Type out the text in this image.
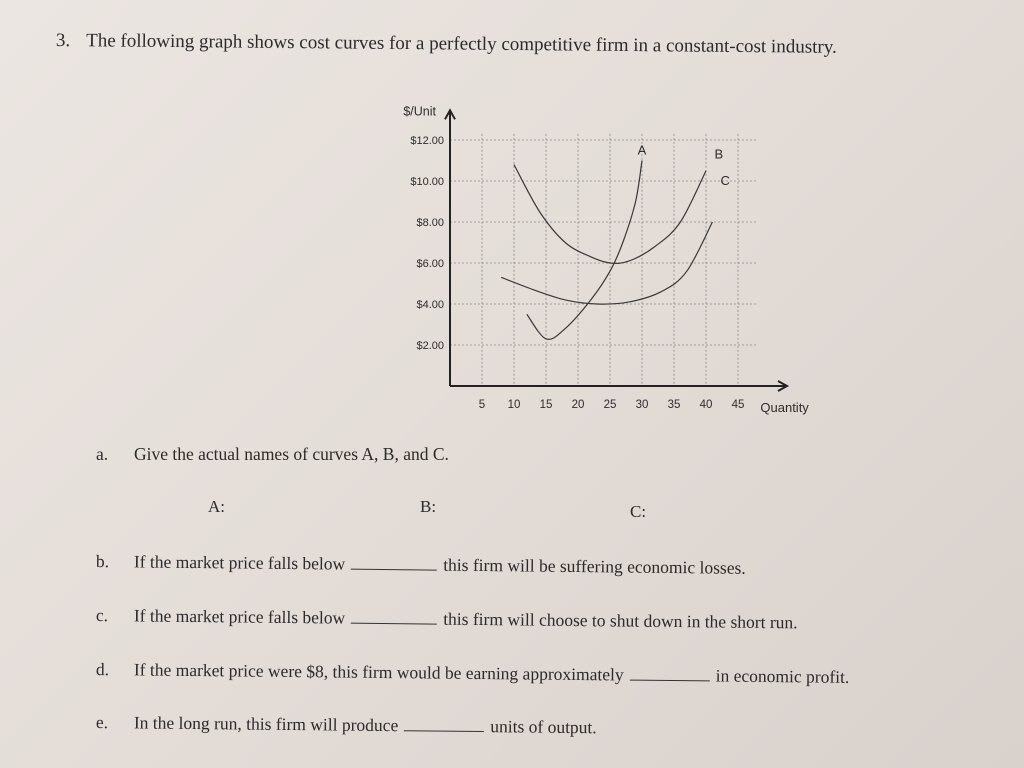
3. The following graph shows cost curves for a perfectly competitive firm in a constant-cost industry.
$2.00
$4.00
$6.00
$8.00
$10.00
$12.00
5 10 15 20 25 30 35 40 45
$/Unit
Quantity
A	B
C
a. Give the actual names of curves A, B, and C.
A:	B:	C:
b. If the market price falls below	this firm will be suffering economic losses.
c. If the market price falls below	this firm will choose to shut down in the short run.
d. If the market price were $8, this firm would be earning approximately	in economic profit.
e. In the long run, this firm will produce	units of output.
